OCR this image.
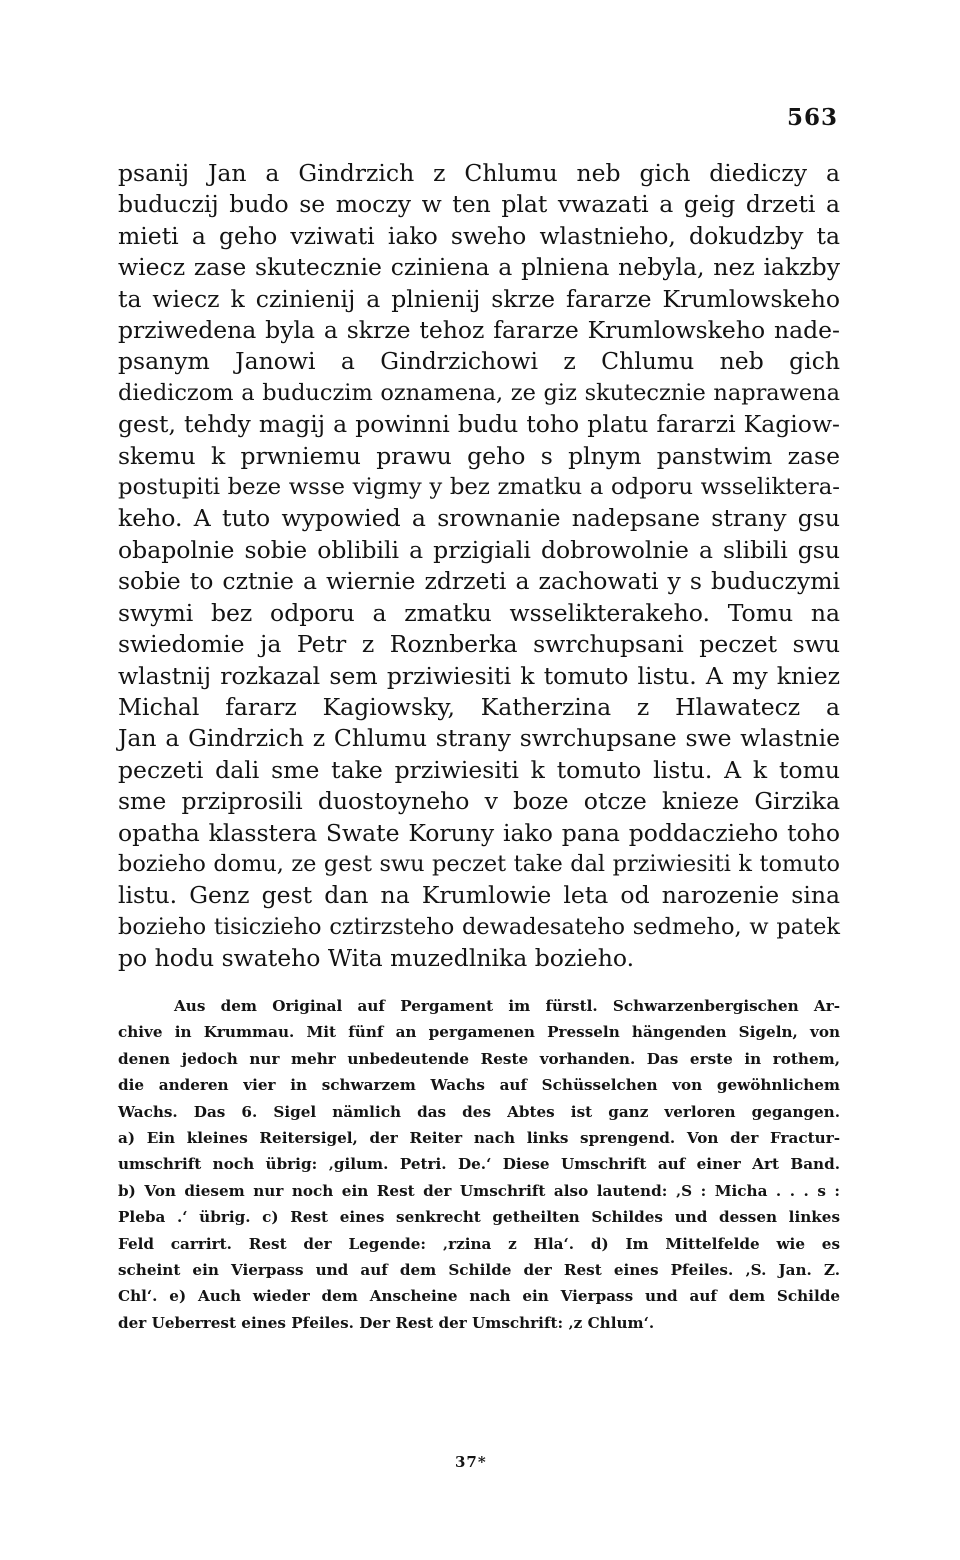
563
psanij Jan a Gindrzich z Chlumu neb gich diediczy a
buduczij budo se moczy w ten plat vwazati a geig drzeti a
mieti a geho vziwati iako sweho wlastnieho, dokudzby ta
wiecz zase skutecznie cziniena a plniena nebyla, nez iakzby
ta wiecz k czinienij a plnienij skrze fararze Krumlowskeho
prziwedena byla a skrze tehoz fararze Krumlowskeho nade-
psanym Janowi a Gindrzichowi z Chlumu neb gich
diediczom a buduczim oznamena, ze giz skutecznie naprawena
gest, tehdy magij a powinni budu toho platu fararzi Kagiow-
skemu k prwniemu prawu geho s plnym panstwim zase
postupiti beze wsse vigmy y bez zmatku a odporu wsseliktera-
keho. A tuto wypowied a srownanie nadepsane strany gsu
obapolnie sobie oblibili a przigiali dobrowolnie a slibili gsu
sobie to cztnie a wiernie zdrzeti a zachowati y s buduczymi
swymi bez odporu a zmatku wsselikterakeho. Tomu na
swiedomie ja Petr z Roznberka swrchupsani peczet swu
wlastnij rozkazal sem prziwiesiti k tomuto listu. A my kniez
Michal fararz Kagiowsky, Katherzina z Hlawatecz a
Jan a Gindrzich z Chlumu strany swrchupsane swe wlastnie
peczeti dali sme take prziwiesiti k tomuto listu. A k tomu
sme prziprosili duostoyneho v boze otcze knieze Girzika
opatha klasstera Swate Koruny iako pana poddaczieho toho
bozieho domu, ze gest swu peczet take dal prziwiesiti k tomuto
listu. Genz gest dan na Krumlowie leta od narozenie sina
bozieho tisiczieho cztirzsteho dewadesateho sedmeho, w patek
po hodu swateho Wita muzedlnika bozieho.
Aus dem Original auf Pergament im fürstl. Schwarzenbergischen Ar-
chive in Krummau. Mit fünf an pergamenen Presseln hängenden Sigeln, von
denen jedoch nur mehr unbedeutende Reste vorhanden. Das erste in rothem,
die anderen vier in schwarzem Wachs auf Schüsselchen von gewöhnlichem
Wachs. Das 6. Sigel nämlich das des Abtes ist ganz verloren gegangen.
a) Ein kleines Reitersigel, der Reiter nach links sprengend. Von der Fractur-
umschrift noch übrig: ‚gilum. Petri. De.‘ Diese Umschrift auf einer Art Band.
b) Von diesem nur noch ein Rest der Umschrift also lautend: ‚S : Micha . . . s :
Pleba .‘ übrig. c) Rest eines senkrecht getheilten Schildes und dessen linkes
Feld carrirt. Rest der Legende: ‚rzina z Hla‘. d) Im Mittelfelde wie es
scheint ein Vierpass und auf dem Schilde der Rest eines Pfeiles. ‚S. Jan. Z.
Chl‘. e) Auch wieder dem Anscheine nach ein Vierpass und auf dem Schilde
der Ueberrest eines Pfeiles. Der Rest der Umschrift: ‚z Chlum‘.
37*
